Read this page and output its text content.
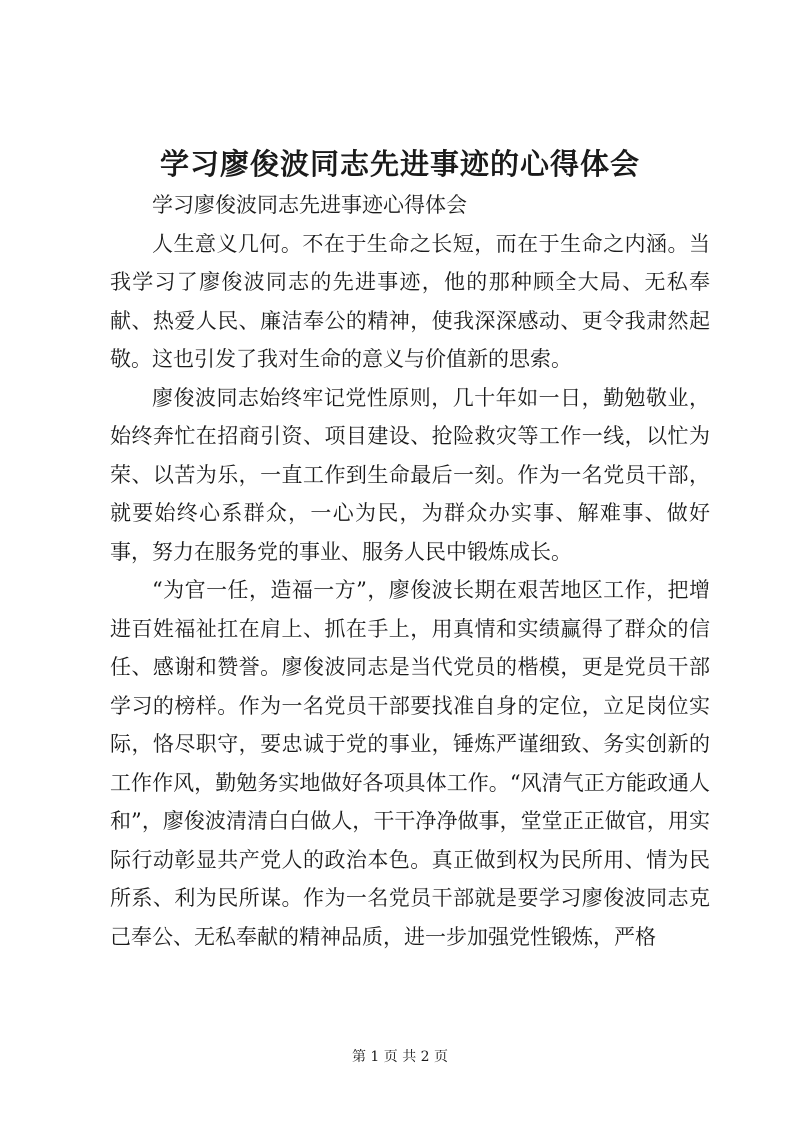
学习廖俊波同志先进事迹的心得体会

学习廖俊波同志先进事迹心得体会

人生意义几何。不在于生命之长短，而在于生命之内涵。当我学习了廖俊波同志的先进事迹，他的那种顾全大局、无私奉献、热爱人民、廉洁奉公的精神，使我深深感动、更令我肃然起敬。这也引发了我对生命的意义与价值新的思索。

廖俊波同志始终牢记党性原则，几十年如一日，勤勉敬业，始终奔忙在招商引资、项目建设、抢险救灾等工作一线，以忙为荣、以苦为乐，一直工作到生命最后一刻。作为一名党员干部，就要始终心系群众，一心为民，为群众办实事、解难事、做好事，努力在服务党的事业、服务人民中锻炼成长。

“为官一任，造福一方”，廖俊波长期在艰苦地区工作，把增进百姓福祉扛在肩上、抓在手上，用真情和实绩赢得了群众的信任、感谢和赞誉。廖俊波同志是当代党员的楷模，更是党员干部学习的榜样。作为一名党员干部要找准自身的定位，立足岗位实际，恪尽职守，要忠诚于党的事业，锤炼严谨细致、务实创新的工作作风，勤勉务实地做好各项具体工作。“风清气正方能政通人和”，廖俊波清清白白做人，干干净净做事，堂堂正正做官，用实际行动彰显共产党人的政治本色。真正做到权为民所用、情为民所系、利为民所谋。作为一名党员干部就是要学习廖俊波同志克己奉公、无私奉献的精神品质，进一步加强党性锻炼，严格

第 1 页 共 2 页
